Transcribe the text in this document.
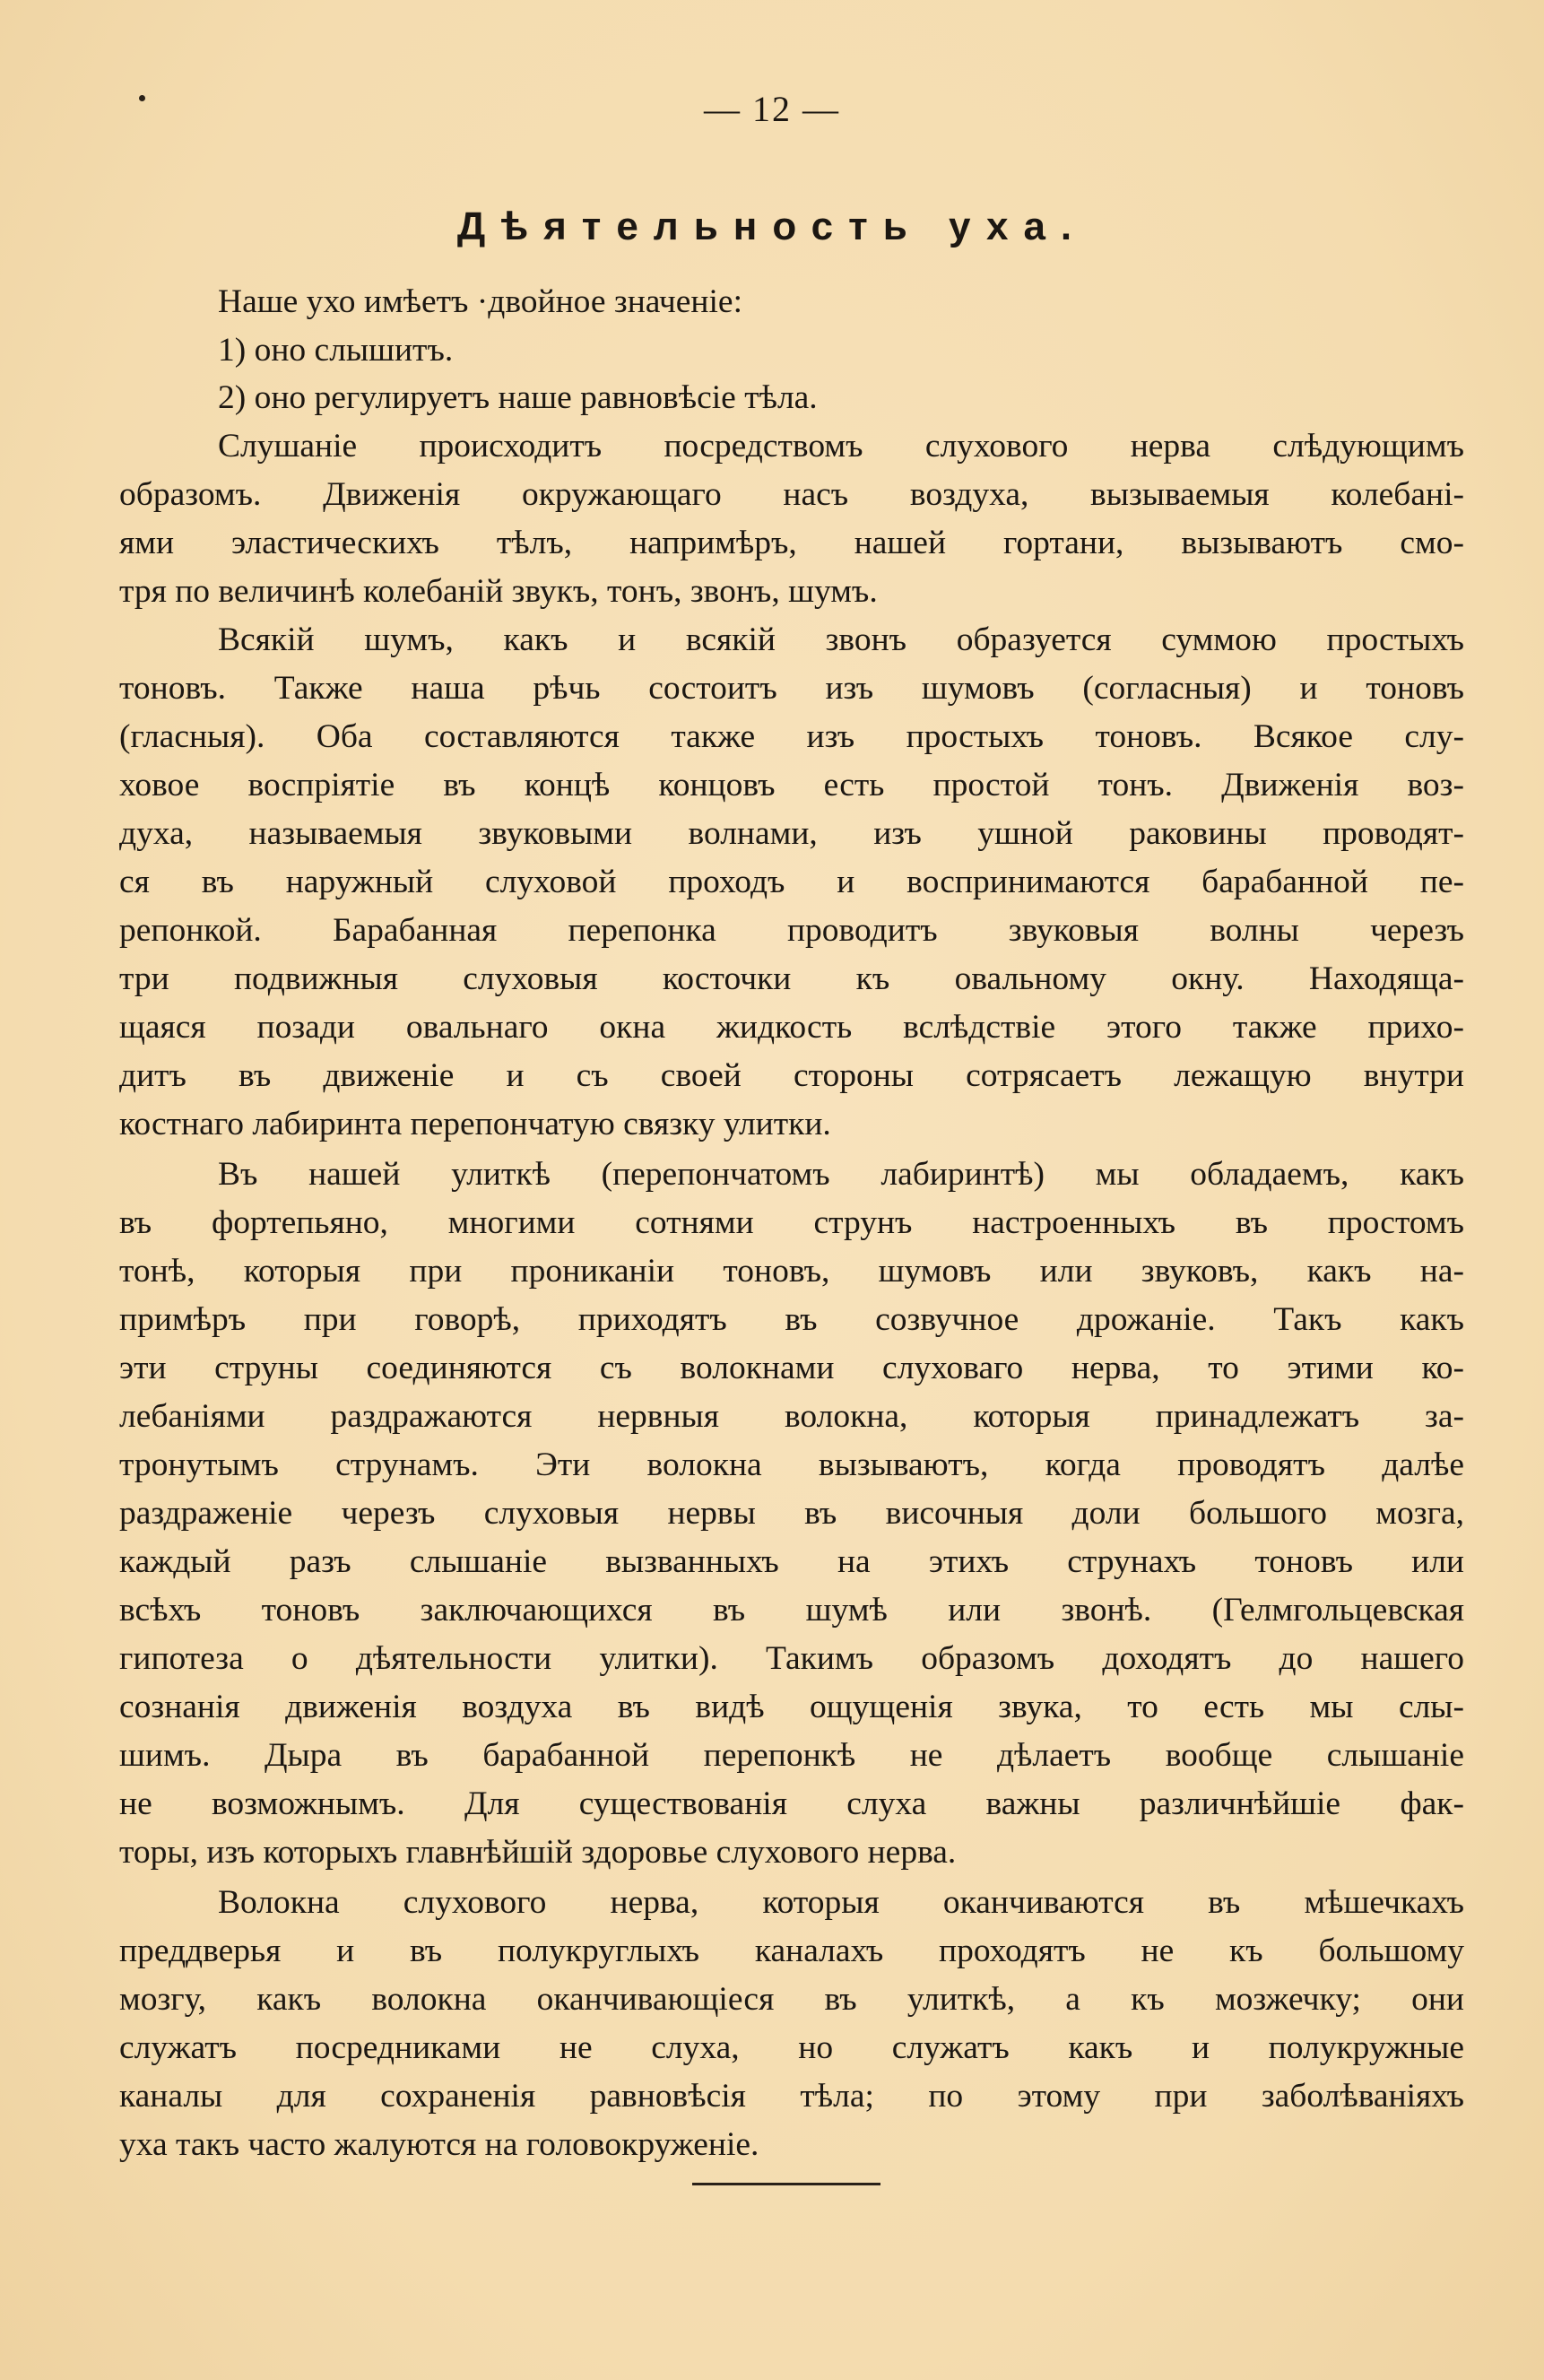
— 12 —
Дѣятельность уха.
Наше ухо имѣетъ ·двойное значенiе:
1) оно слышитъ.
2) оно регулируетъ наше равновѣсiе тѣла.
Слушанiе происходитъ посредствомъ слухового нерва слѣдующимъ
образомъ. Движенiя окружающаго насъ воздуха, вызываемыя колебанi-
ями эластическихъ тѣлъ, напримѣръ, нашей гортани, вызываютъ смо-
тря по величинѣ колебанiй звукъ, тонъ, звонъ, шумъ.
Всякiй шумъ, какъ и всякiй звонъ образуется суммою простыхъ
тоновъ. Также наша рѣчь состоитъ изъ шумовъ (согласныя) и тоновъ
(гласныя). Оба составляются также изъ простыхъ тоновъ. Всякое слу-
ховое воспрiятiе въ концѣ концовъ есть простой тонъ. Движенiя воз-
духа, называемыя звуковыми волнами, изъ ушной раковины проводят-
ся въ наружный слуховой проходъ и воспринимаются барабанной пе-
репонкой. Барабанная перепонка проводитъ звуковыя волны черезъ
три подвижныя слуховыя косточки къ овальному окну. Находяща-
щаяся позади овальнаго окна жидкость вслѣдствiе этого также прихо-
дитъ въ движенiе и съ своей стороны сотрясаетъ лежащую внутри
костнаго лабиринта перепончатую связку улитки.
Въ нашей улиткѣ (перепончатомъ лабиринтѣ) мы обладаемъ, какъ
въ фортепьяно, многими сотнями струнъ настроенныхъ въ простомъ
тонѣ, которыя при прониканiи тоновъ, шумовъ или звуковъ, какъ на-
примѣръ при говорѣ, приходятъ въ созвучное дрожанiе. Такъ какъ
эти струны соединяются съ волокнами слуховаго нерва, то этими ко-
лебанiями раздражаются нервныя волокна, которыя принадлежатъ за-
тронутымъ струнамъ. Эти волокна вызываютъ, когда проводятъ далѣе
раздраженiе черезъ слуховыя нервы въ височныя доли большого мозга,
каждый разъ слышанiе вызванныхъ на этихъ струнахъ тоновъ или
всѣхъ тоновъ заключающихся въ шумѣ или звонѣ. (Гелмгольцевская
гипотеза о дѣятельности улитки). Такимъ образомъ доходятъ до нашего
сознанiя движенiя воздуха въ видѣ ощущенiя звука, то есть мы слы-
шимъ. Дыра въ барабанной перепонкѣ не дѣлаетъ вообще слышанiе
не возможнымъ. Для существованiя слуха важны различнѣйшiе фак-
торы, изъ которыхъ главнѣйшiй здоровье слухового нерва.
Волокна слухового нерва, которыя оканчиваются въ мѣшечкахъ
преддверья и въ полукруглыхъ каналахъ проходятъ не къ большому
мозгу, какъ волокна оканчивающiеся въ улиткѣ, а къ мозжечку; они
служатъ посредниками не слуха, но служатъ какъ и полукружные
каналы для сохраненiя равновѣсiя тѣла; по этому при заболѣванiяхъ
уха такъ часто жалуются на головокруженiе.
